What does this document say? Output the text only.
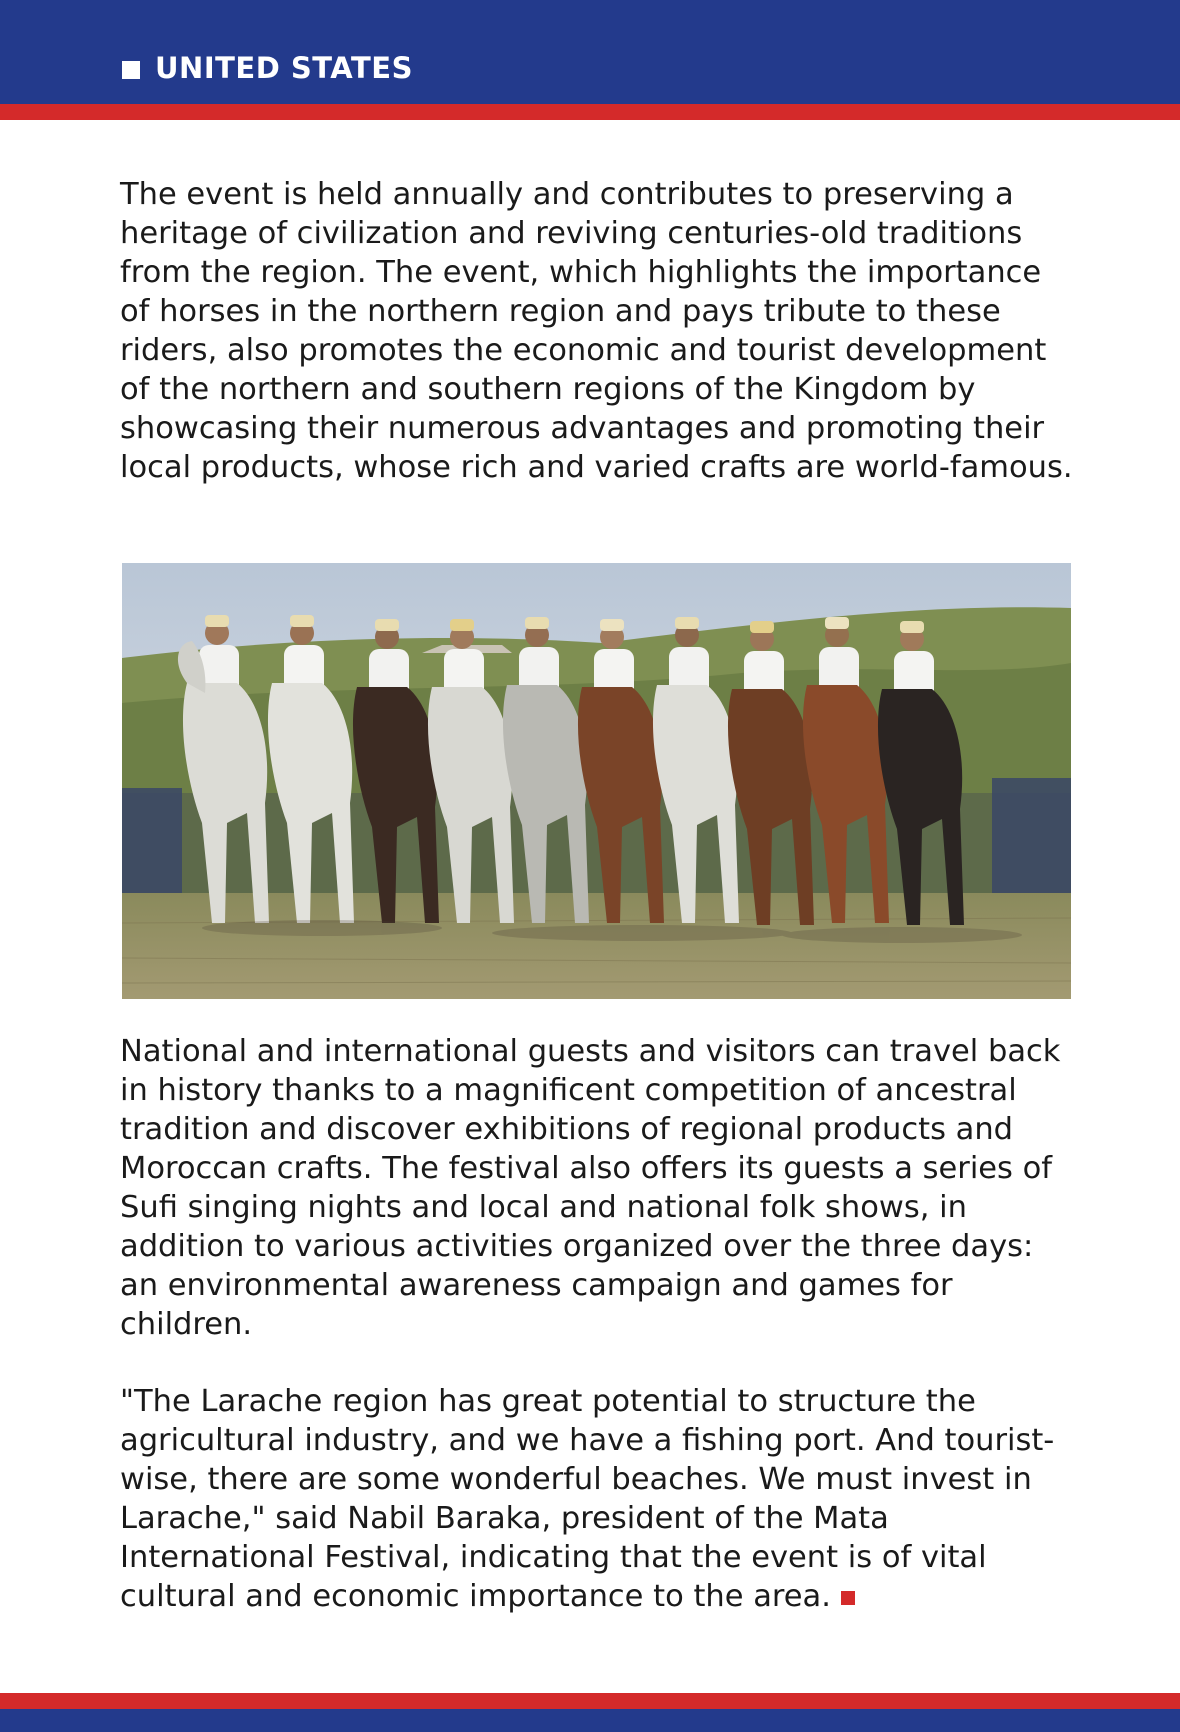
UNITED STATES

The event is held annually and contributes to preserving a heritage of civilization and reviving centuries-old traditions from the region. The event, which highlights the importance of horses in the northern region and pays tribute to these riders, also promotes the economic and tourist development of the northern and southern regions of the Kingdom by showcasing their numerous advantages and promoting their local products, whose rich and varied crafts are world-famous.

National and international guests and visitors can travel back in history thanks to a magnificent competition of ancestral tradition and discover exhibitions of regional products and Moroccan crafts. The festival also offers its guests a series of Sufi singing nights and local and national folk shows, in addition to various activities organized over the three days: an environmental awareness campaign and games for children.

"The Larache region has great potential to structure the agricultural industry, and we have a fishing port. And tourist-wise, there are some wonderful beaches. We must invest in Larache," said Nabil Baraka, president of the Mata International Festival, indicating that the event is of vital cultural and economic importance to the area.
